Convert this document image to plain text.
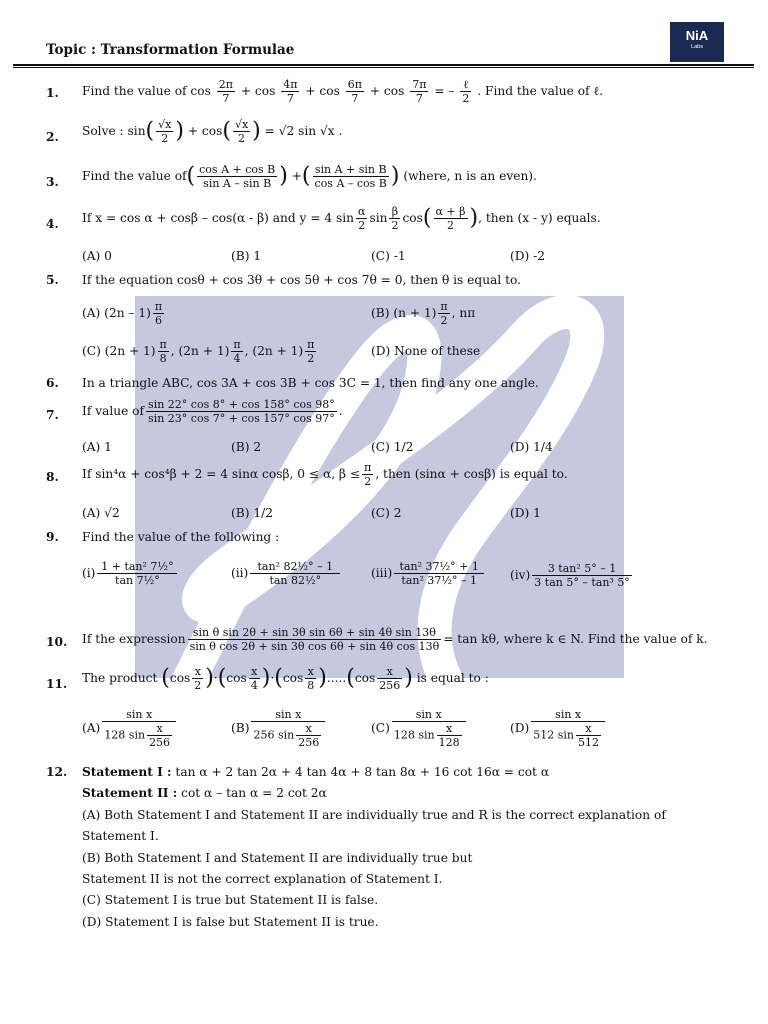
Topic : Transformation Formulae
NiA
Labs
1. Find the value of $\cos \frac{2\pi}{7} + \cos \frac{4\pi}{7} + \cos \frac{6\pi}{7} + \cos \frac{7\pi}{7}$ = – $\frac{\text{ℓ}}{2}$ . Find the value of ℓ.
2. Solve : $\sin( \frac{√x}{2}$ ) + $\cos( \frac{√x}{2}$ ) = √2 sin √x .
3. Find the value $of( \frac{\text{cos A + cos B}}{\text{sin A – sin B}}$ ) +( $\frac{\text{sin A + sin B}}{\text{cos A – cos B}}$ ) (where, n is an even).
4. If x = cos α + cosβ – cos(α - β) and y = 4 $\sin \frac{\alpha}{2}$ $\sin \frac{\beta}{2} \cos( \frac{\alpha + \beta}{2}$ ), then (x - y) equals.
(A) 0	(B) 1	(C) -1	(D) -2
5. If the equation cosθ + cos 3θ + cos 5θ + cos 7θ = 0, then θ is equal to.
(A) $(2n - 1) \frac{\pi}{6}$	(B) $(n + 1) \frac{\pi}{2}$ , nπ
(C) $(2n + 1) \frac{\pi}{8}$ , $(2n + 1) \frac{\pi}{4}$ , $(2n + 1) \frac{\pi}{2}$	(D) None of these
6. In a triangle ABC, cos 3A + cos 3B + cos 3C = 1, then find any one angle.
7. If value of $\frac{\sin 22^\circ \cos 8^\circ + \cos 158^\circ \cos 98^\circ}{\sin 23^\circ \cos 7^\circ + \cos 157^\circ \cos 97^\circ}$ .
(A) 1	(B) 2	(C) 1/2	(D) 1/4
8. If sin⁴α + cos⁴β + 2 = 4 sinα cosβ, 0 ≤ α, $\beta \le \frac{\pi}{2}$ , then (sinα + cosβ) is equal to.
(A) √2	(B) 1/2	(C) 2	(D) 1
9. Find the value of the following :
$(i) \frac{\text{1 + tan² 7½°}}{\text{tan 7½°}}$	$(ii) \frac{\text{tan² 82½° – 1}}{\text{tan 82½°}}$	$(iii) \frac{\text{tan² 37½° + 1}}{\text{tan² 37½° – 1}} (iv) \frac{\text{3 tan² 5° – 1}}{\text{3 tan 5° – tan³ 5°}}$
10. If the expression $\frac{\text{sin θ sin 2θ + sin 3θ sin 6θ + sin 4θ sin 13θ}}{\text{sin θ cos 2θ + sin 3θ cos 6θ + sin 4θ cos 13θ}} = \tan k\theta$, where k ∈ N. Find the value of k.
11. The product $(\cos \frac{x}{2} )\cdot(\cos \frac{x}{4} )\cdot(\cos \frac{x}{8} ).....(\cos \frac{x}{256}$ ) is equal to :
$(A) \frac{\text{sin x}}{128 \sin \frac{x}{256}}$	$(B) \frac{\text{sin x}}{256 \sin \frac{x}{256}}$	$(C) \frac{\text{sin x}}{128 \sin \frac{x}{128}}$	$(D) \frac{\text{sin x}}{512 \sin \frac{x}{512}}$
12. Statement I : tan α + 2 tan 2α + 4 tan 4α + 8 tan 8α + 16 cot 16α = cot α
Statement II : cot α – tan α = 2 cot 2α
(A) Both Statement I and Statement II are individually true and R is the correct explanation of
Statement I.
(B) Both Statement I and Statement II are individually true but
Statement II is not the correct explanation of Statement I.
(C) Statement I is true but Statement II is false.
(D) Statement I is false but Statement II is true.
